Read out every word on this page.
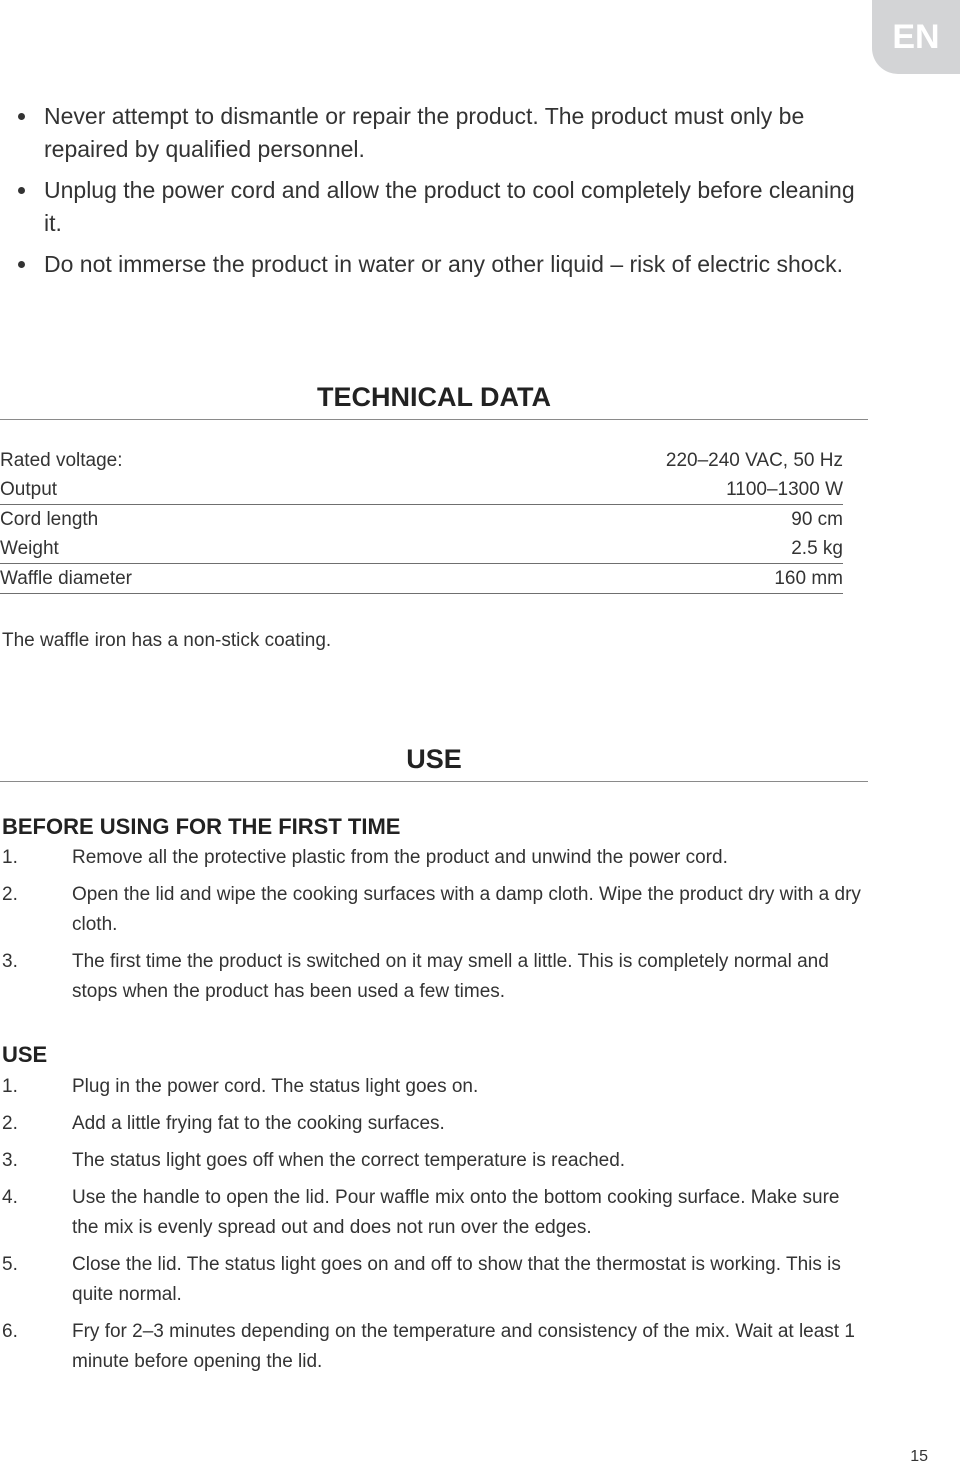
EN
Never attempt to dismantle or repair the product. The product must only be repaired by qualified personnel.
Unplug the power cord and allow the product to cool completely before cleaning it.
Do not immerse the product in water or any other liquid – risk of electric shock.
TECHNICAL DATA
Rated voltage:	220–240 VAC, 50 Hz
Output	1100–1300 W
Cord length	90 cm
Weight	2.5 kg
Waffle diameter	160 mm
The waffle iron has a non-stick coating.
USE
BEFORE USING FOR THE FIRST TIME
1.	Remove all the protective plastic from the product and unwind the power cord.
2.	Open the lid and wipe the cooking surfaces with a damp cloth. Wipe the product dry with a dry cloth.
3.	The first time the product is switched on it may smell a little. This is completely normal and stops when the product has been used a few times.
USE
1.	Plug in the power cord. The status light goes on.
2.	Add a little frying fat to the cooking surfaces.
3.	The status light goes off when the correct temperature is reached.
4.	Use the handle to open the lid. Pour waffle mix onto the bottom cooking surface. Make sure the mix is evenly spread out and does not run over the edges.
5.	Close the lid. The status light goes on and off to show that the thermostat is working. This is quite normal.
6.	Fry for 2–3 minutes depending on the temperature and consistency of the mix. Wait at least 1 minute before opening the lid.
15
